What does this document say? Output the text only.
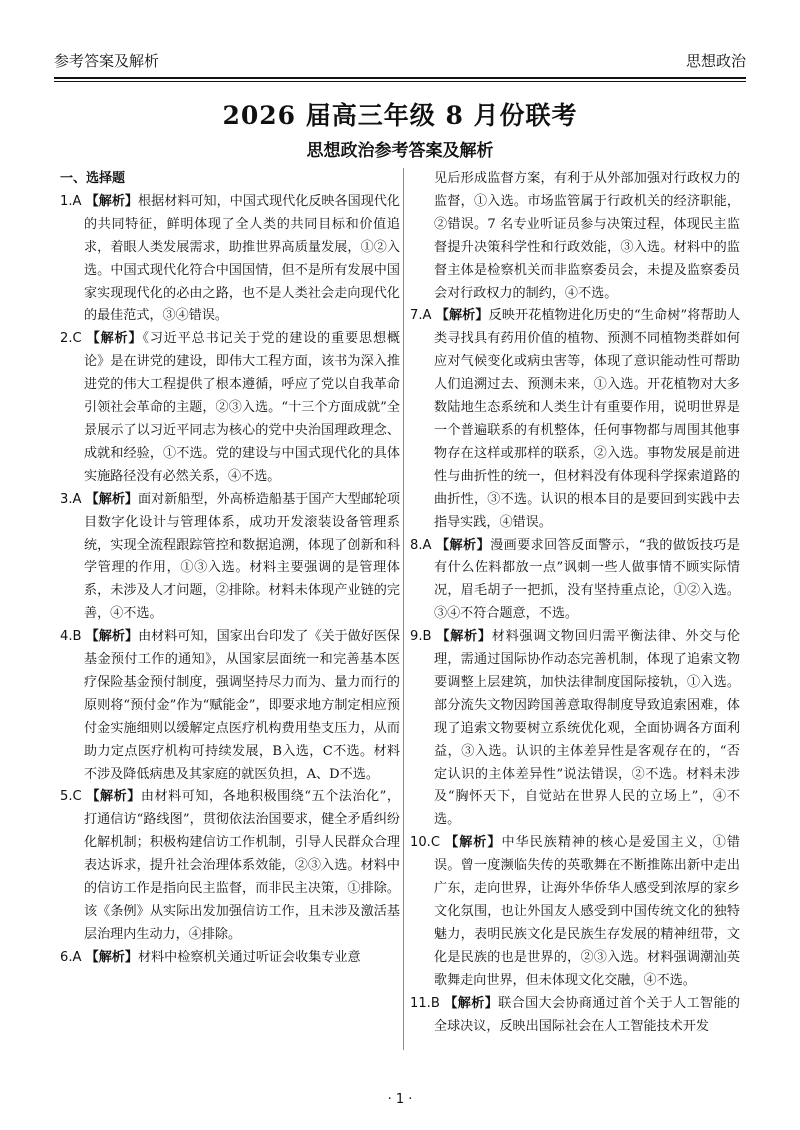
参考答案及解析	思想政治
2026 届高三年级 8 月份联考
思想政治参考答案及解析
一、选择题

1.A 【解析】根据材料可知，中国式现代化反映各国现代化的共同特征，鲜明体现了全人类的共同目标和价值追求，着眼人类发展需求，助推世界高质量发展，①②入选。中国式现代化符合中国国情，但不是所有发展中国家实现现代化的必由之路，也不是人类社会走向现代化的最佳范式，③④错误。

2.C 【解析】《习近平总书记关于党的建设的重要思想概论》是在讲党的建设，即伟大工程方面，该书为深入推进党的伟大工程提供了根本遵循，呼应了党以自我革命引领社会革命的主题，②③入选。“十三个方面成就”全景展示了以习近平同志为核心的党中央治国理政理念、成就和经验，①不选。党的建设与中国式现代化的具体实施路径没有必然关系，④不选。

3.A 【解析】面对新船型，外高桥造船基于国产大型邮轮项目数字化设计与管理体系，成功开发滚装设备管理系统，实现全流程跟踪管控和数据追溯，体现了创新和科学管理的作用，①③入选。材料主要强调的是管理体系，未涉及人才问题，②排除。材料未体现产业链的完善，④不选。

4.B 【解析】由材料可知，国家出台印发了《关于做好医保基金预付工作的通知》，从国家层面统一和完善基本医疗保险基金预付制度，强调坚持尽力而为、量力而行的原则将“预付金”作为“赋能金”，即要求地方制定相应预付金实施细则以缓解定点医疗机构费用垫支压力，从而助力定点医疗机构可持续发展，B入选，C不选。材料不涉及降低病患及其家庭的就医负担，A、D不选。

5.C 【解析】由材料可知，各地积极围绕“五个法治化”，打通信访“路线图”，贯彻依法治国要求，健全矛盾纠纷化解机制；积极构建信访工作机制，引导人民群众合理表达诉求，提升社会治理体系效能，②③入选。材料中的信访工作是指向民主监督，而非民主决策，①排除。该《条例》从实际出发加强信访工作，且未涉及激活基层治理内生动力，④排除。

6.A 【解析】材料中检察机关通过听证会收集专业意

见后形成监督方案，有利于从外部加强对行政权力的监督，①入选。市场监管属于行政机关的经济职能，②错误。7 名专业听证员参与决策过程，体现民主监督提升决策科学性和行政效能，③入选。材料中的监督主体是检察机关而非监察委员会，未提及监察委员会对行政权力的制约，④不选。

7.A 【解析】反映开花植物进化历史的“生命树”将帮助人类寻找具有药用价值的植物、预测不同植物类群如何应对气候变化或病虫害等，体现了意识能动性可帮助人们追溯过去、预测未来，①入选。开花植物对大多数陆地生态系统和人类生计有重要作用，说明世界是一个普遍联系的有机整体，任何事物都与周围其他事物存在这样或那样的联系，②入选。事物发展是前进性与曲折性的统一，但材料没有体现科学探索道路的曲折性，③不选。认识的根本目的是要回到实践中去指导实践，④错误。

8.A 【解析】漫画要求回答反面警示，“我的做饭技巧是有什么佐料都放一点”讽刺一些人做事情不顾实际情况，眉毛胡子一把抓，没有坚持重点论，①②入选。③④不符合题意，不选。

9.B 【解析】材料强调文物回归需平衡法律、外交与伦理，需通过国际协作动态完善机制，体现了追索文物要调整上层建筑，加快法律制度国际接轨，①入选。部分流失文物因跨国善意取得制度导致追索困难，体现了追索文物要树立系统优化观，全面协调各方面利益，③入选。认识的主体差异性是客观存在的，“否定认识的主体差异性”说法错误，②不选。材料未涉及“胸怀天下，自觉站在世界人民的立场上”，④不选。

10.C 【解析】中华民族精神的核心是爱国主义，①错误。曾一度濒临失传的英歌舞在不断推陈出新中走出广东，走向世界，让海外华侨华人感受到浓厚的家乡文化氛围，也让外国友人感受到中国传统文化的独特魅力，表明民族文化是民族生存发展的精神纽带，文化是民族的也是世界的，②③入选。材料强调潮汕英歌舞走向世界，但未体现文化交融，④不选。

11.B 【解析】联合国大会协商通过首个关于人工智能的全球决议，反映出国际社会在人工智能技术开发

· 1 ·
